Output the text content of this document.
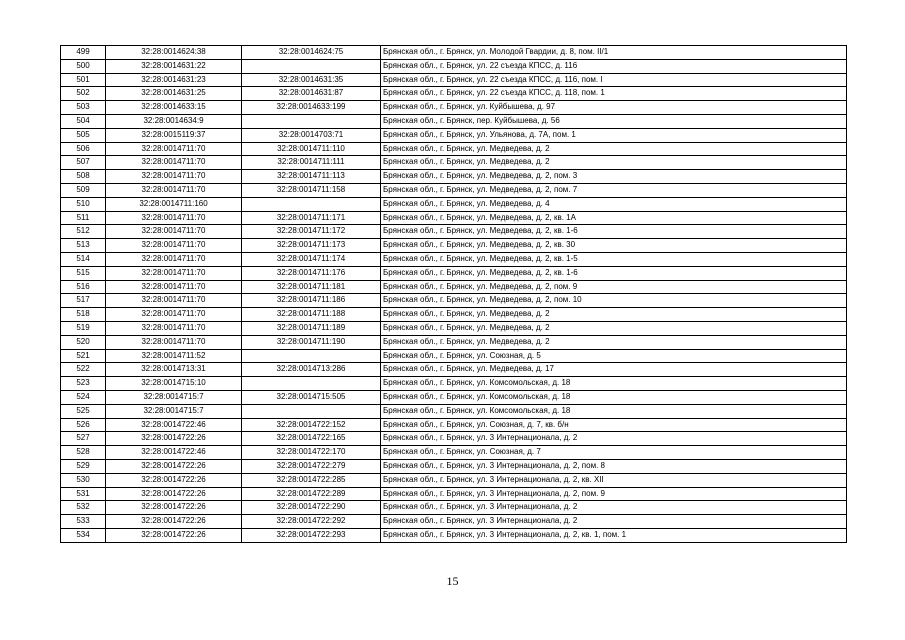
499	32:28:0014624:38	32:28:0014624:75	Брянская обл., г. Брянск, ул. Молодой Гвардии, д. 8, пом. II/1
500	32:28:0014631:22		Брянская обл., г. Брянск, ул. 22 съезда КПСС, д. 116
501	32:28:0014631:23	32:28:0014631:35	Брянская обл., г. Брянск, ул. 22 съезда КПСС, д. 116, пом. I
502	32:28:0014631:25	32:28:0014631:87	Брянская обл., г. Брянск, ул. 22 съезда КПСС, д. 118, пом. 1
503	32:28:0014633:15	32:28:0014633:199	Брянская обл., г. Брянск, ул. Куйбышева, д. 97
504	32:28:0014634:9		Брянская обл., г. Брянск, пер. Куйбышева, д. 56
505	32:28:0015119:37	32:28:0014703:71	Брянская обл., г. Брянск, ул. Ульянова, д. 7А, пом. 1
506	32:28:0014711:70	32:28:0014711:110	Брянская обл., г. Брянск, ул. Медведева, д. 2
507	32:28:0014711:70	32:28:0014711:111	Брянская обл., г. Брянск, ул. Медведева, д. 2
508	32:28:0014711:70	32:28:0014711:113	Брянская обл., г. Брянск, ул. Медведева, д. 2, пом. 3
509	32:28:0014711:70	32:28:0014711:158	Брянская обл., г. Брянск, ул. Медведева, д. 2, пом. 7
510	32:28:0014711:160		Брянская обл., г. Брянск, ул. Медведева, д. 4
511	32:28:0014711:70	32:28:0014711:171	Брянская обл., г. Брянск, ул. Медведева, д. 2, кв. 1А
512	32:28:0014711:70	32:28:0014711:172	Брянская обл., г. Брянск, ул. Медведева, д. 2, кв. 1-6
513	32:28:0014711:70	32:28:0014711:173	Брянская обл., г. Брянск, ул. Медведева, д. 2, кв. 30
514	32:28:0014711:70	32:28:0014711:174	Брянская обл., г. Брянск, ул. Медведева, д. 2, кв. 1-5
515	32:28:0014711:70	32:28:0014711:176	Брянская обл., г. Брянск, ул. Медведева, д. 2, кв. 1-6
516	32:28:0014711:70	32:28:0014711:181	Брянская обл., г. Брянск, ул. Медведева, д. 2, пом. 9
517	32:28:0014711:70	32:28:0014711:186	Брянская обл., г. Брянск, ул. Медведева, д. 2, пом. 10
518	32:28:0014711:70	32:28:0014711:188	Брянская обл., г. Брянск, ул. Медведева, д. 2
519	32:28:0014711:70	32:28:0014711:189	Брянская обл., г. Брянск, ул. Медведева, д. 2
520	32:28:0014711:70	32:28:0014711:190	Брянская обл., г. Брянск, ул. Медведева, д. 2
521	32:28:0014711:52		Брянская обл., г. Брянск, ул. Союзная, д. 5
522	32:28:0014713:31	32:28:0014713:286	Брянская обл., г. Брянск, ул. Медведева, д. 17
523	32:28:0014715:10		Брянская обл., г. Брянск, ул. Комсомольская, д. 18
524	32:28:0014715:7	32:28:0014715:505	Брянская обл., г. Брянск, ул. Комсомольская, д. 18
525	32:28:0014715:7		Брянская обл., г. Брянск, ул. Комсомольская, д. 18
526	32:28:0014722:46	32:28:0014722:152	Брянская обл., г. Брянск, ул. Союзная, д. 7, кв. б/н
527	32:28:0014722:26	32:28:0014722:165	Брянская обл., г. Брянск, ул. 3 Интернационала, д. 2
528	32:28:0014722:46	32:28:0014722:170	Брянская обл., г. Брянск, ул. Союзная, д. 7
529	32:28:0014722:26	32:28:0014722:279	Брянская обл., г. Брянск, ул. 3 Интернационала, д. 2, пом. 8
530	32:28:0014722:26	32:28:0014722:285	Брянская обл., г. Брянск, ул. 3 Интернационала, д. 2, кв. XII
531	32:28:0014722:26	32:28:0014722:289	Брянская обл., г. Брянск, ул. 3 Интернационала, д. 2, пом. 9
532	32:28:0014722:26	32:28:0014722:290	Брянская обл., г. Брянск, ул. 3 Интернационала, д. 2
533	32:28:0014722:26	32:28:0014722:292	Брянская обл., г. Брянск, ул. 3 Интернационала, д. 2
534	32:28:0014722:26	32:28:0014722:293	Брянская обл., г. Брянск, ул. 3 Интернационала, д. 2, кв. 1, пом. 1
15
